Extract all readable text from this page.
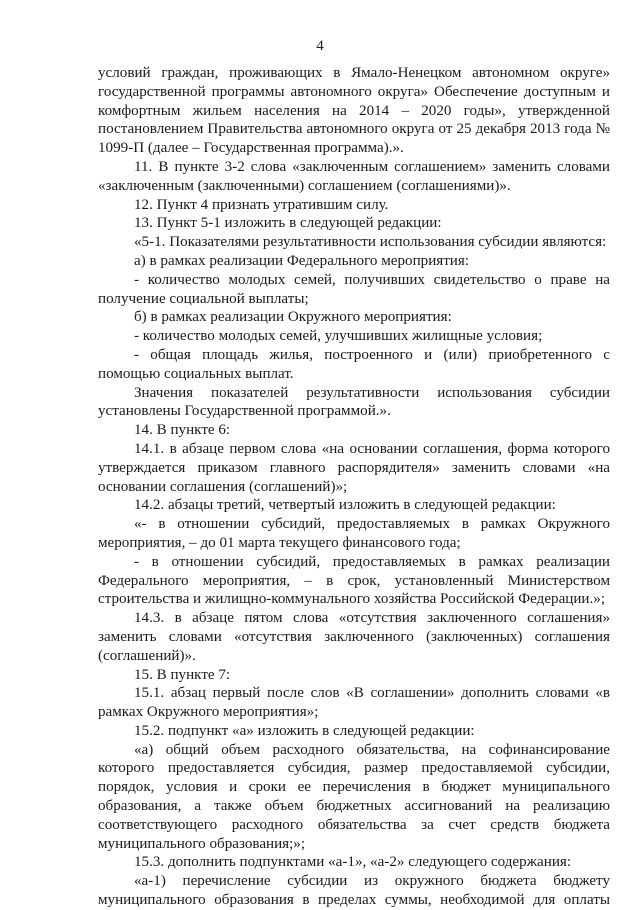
4

условий граждан, проживающих в Ямало-Ненецком автономном округе» государственной программы автономного округа» Обеспечение доступным и комфортным жильем населения на 2014 – 2020 годы», утвержденной постановлением Правительства автономного округа от 25 декабря 2013 года № 1099-П (далее – Государственная программа).».

11. В пункте 3-2 слова «заключенным соглашением» заменить словами «заключенным (заключенными) соглашением (соглашениями)».

12. Пункт 4 признать утратившим силу.

13. Пункт 5-1 изложить в следующей редакции:

«5-1. Показателями результативности использования субсидии являются:

а) в рамках реализации Федерального мероприятия:

- количество молодых семей, получивших свидетельство о праве на получение социальной выплаты;

б) в рамках реализации Окружного мероприятия:

- количество молодых семей, улучшивших жилищные условия;

- общая площадь жилья, построенного и (или) приобретенного с помощью социальных выплат.

Значения показателей результативности использования субсидии установлены Государственной программой.».

14. В пункте 6:

14.1. в абзаце первом слова «на основании соглашения, форма которого утверждается приказом главного распорядителя» заменить словами «на основании соглашения (соглашений)»;

14.2. абзацы третий, четвертый изложить в следующей редакции:

«- в отношении субсидий, предоставляемых в рамках Окружного мероприятия, – до 01 марта текущего финансового года;

- в отношении субсидий, предоставляемых в рамках реализации Федерального мероприятия, – в срок, установленный Министерством строительства и жилищно-коммунального хозяйства Российской Федерации.»;

14.3. в абзаце пятом слова «отсутствия заключенного соглашения» заменить словами «отсутствия заключенного (заключенных) соглашения (соглашений)».

15. В пункте 7:

15.1. абзац первый после слов «В соглашении» дополнить словами «в рамках Окружного мероприятия»;

15.2. подпункт «а» изложить в следующей редакции:

«а) общий объем расходного обязательства, на софинансирование которого предоставляется субсидия, размер предоставляемой субсидии, порядок, условия и сроки ее перечисления в бюджет муниципального образования, а также объем бюджетных ассигнований на реализацию соответствующего расходного обязательства за счет средств бюджета муниципального образования;»;

15.3. дополнить подпунктами «а-1», «а-2» следующего содержания:

«а-1) перечисление субсидии из окружного бюджета бюджету муниципального образования в пределах суммы, необходимой для оплаты
